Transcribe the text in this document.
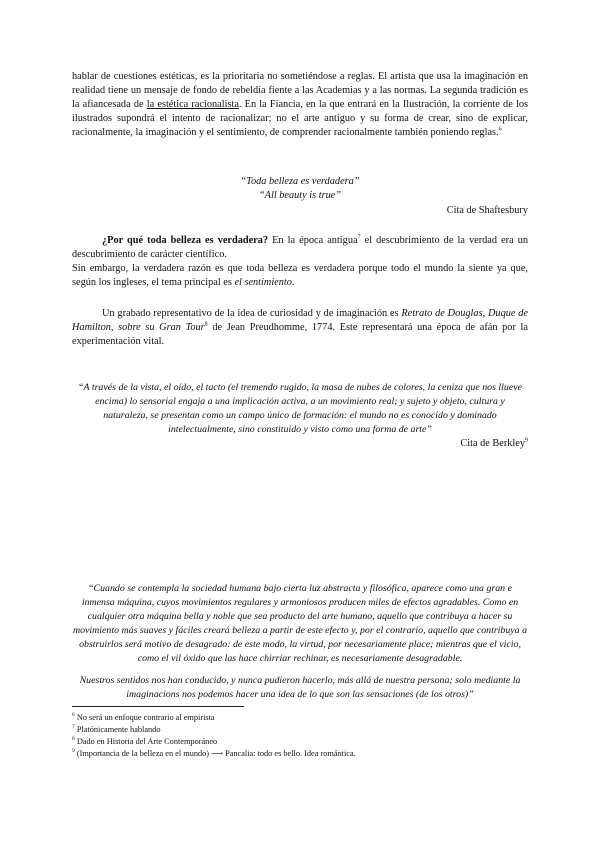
hablar de cuestiones estéticas, es la prioritaria no sometiéndose a reglas. El artista que usa la imaginación en realidad tiene un mensaje de fondo de rebeldía fiente a las Academias y a las normas. La segunda tradición es la afiancesada de la estética racionalista. En la Fiancia, en la que entrará en la Ilustración, la corriente de los ilustrados supondrá el intento de racionalizar; no el arte antiguo y su forma de crear, sino de explicar, racionalmente, la imaginación y el sentimiento, de comprender racionalmente también poniendo reglas.$^6$

“Toda belleza es verdadera”

“All beauty is true”

Cita de Shaftesbury

¿Por qué toda belleza es verdadera? En la época antigua$^7$ el descubrimiento de la verdad era un descubrimiento de carácter científico.
Sin embargo, la verdadera razón es que toda belleza es verdadera porque todo el mundo la siente ya que, según los ingleses, el tema principal es el sentimiento.

Un grabado representativo de la idea de curiosidad y de imaginación es Retrato de Douglas, Duque de Hamilton, sobre su Gran Tour$^8$ de Jean Preudhomme, 1774. Este representará una época de afán por la experimentación vital.

“A través de la vista, el oído, el tacto (el tremendo rugido, la masa de nubes de colores, la ceniza que nos llueve encima) lo sensorial engaja a una implicación activa, a un movimiento real; y sujeto y objeto, cultura y naturaleza, se presentan como un campo único de formación: el mundo no es conocido y dominado intelectualmente, sino constituido y visto como una forma de arte”

Cita de Berkley$^9$

“Cuando se contempla la sociedad humana bajo cierta luz abstracta y filosófica, aparece como una gran e inmensa máquina, cuyos movimientos regulares y armoniosos producen miles de efectos agradables. Como en cualquier otra máquina bella y noble que sea producto del arte humano, aquello que contribuya a hacer su movimiento más suaves y fáciles creará belleza a partir de este efecto y, por el contrario, aquello que contribuya a obstruirlos será motivo de desagrado: de este modo, la virtud, por necesariamente place; mientras que el vicio, como el vil óxido que las hace chirriar rechinar, es necesariamente desagradable.

Nuestros sentidos nos han conducido, y nunca pudieron hacerlo, más allá de nuestra persona; solo mediante la imaginacions nos podemos hacer una idea de lo que son las sensaciones (de los otros)”

$^6$ No será un enfoque contrario al empirista

$^7$ Platónicamente hablando

$^8$ Dado en Historia del Arte Contemporáneo

$^9$ (Importancia de la belleza en el mundo) ⟶ Pancalia: todo es bello. Idea romántica.
